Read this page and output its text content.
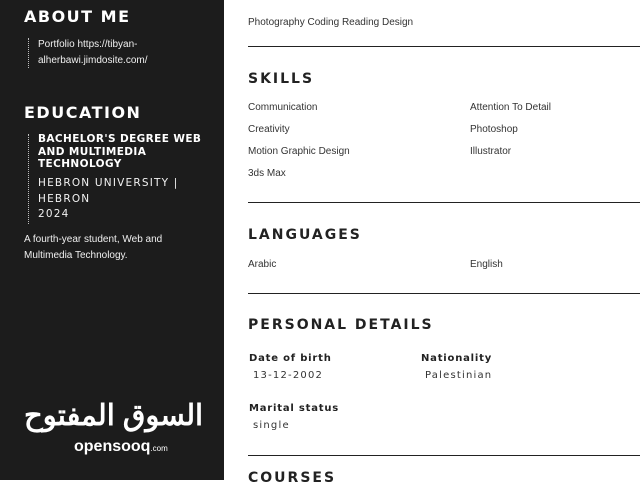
ABOUT ME
Portfolio https://tibyan-
alherbawi.jimdosite.com/
EDUCATION
BACHELOR'S DEGREE WEB
AND MULTIMEDIA
TECHNOLOGY
HEBRON UNIVERSITY |
HEBRON
2024
A fourth-year student, Web and
Multimedia Technology.
السوق المفتوح
opensooq.com
Photography Coding Reading Design
SKILLS
Communication	Attention To Detail
Creativity	Photoshop
Motion Graphic Design	Illustrator
3ds Max
LANGUAGES
Arabic	English
PERSONAL DETAILS
Date of birth
13-12-2002
Nationality
Palestinian
Marital status
single
COURSES
